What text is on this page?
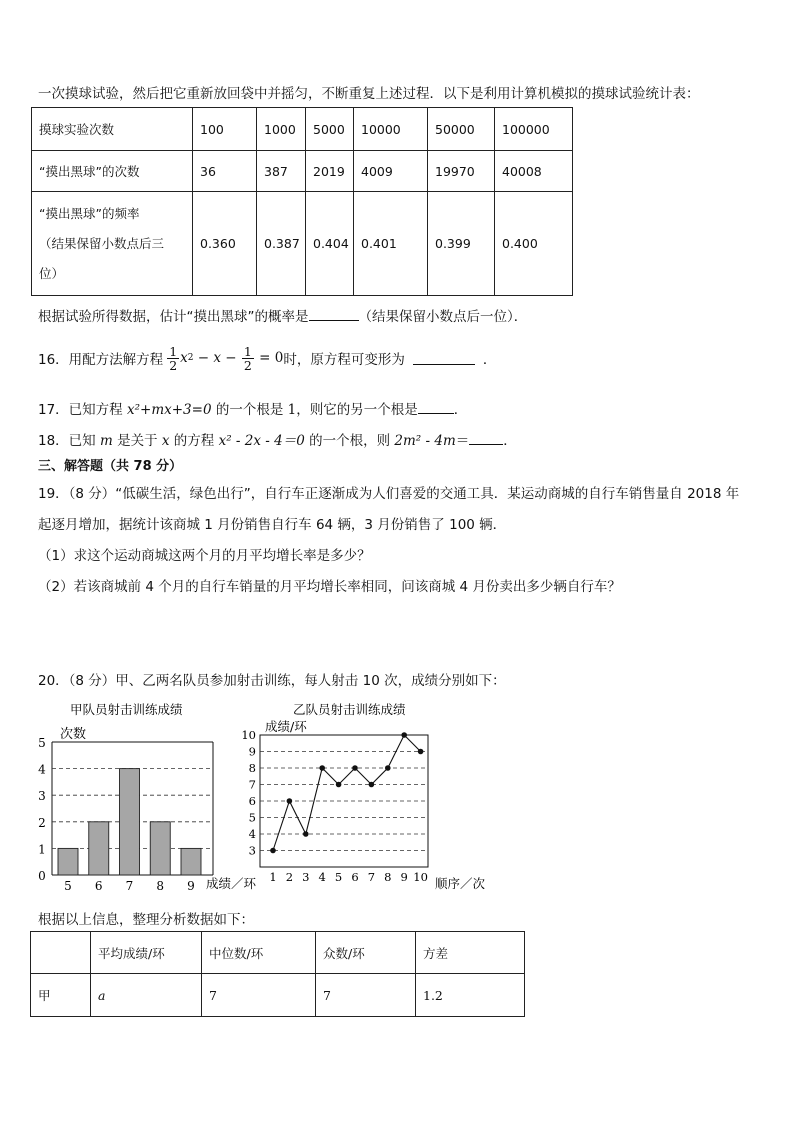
一次摸球试验，然后把它重新放回袋中并摇匀，不断重复上述过程．以下是利用计算机模拟的摸球试验统计表：
摸球实验次数	100	1000	5000	10000	50000	100000
“摸出黑球”的次数	36	387	2019	4009	19970	40008

“摸出黑球”的频率
（结果保留小数点后三
位）	0.360	0.387	0.404	0.401	0.399	0.400
根据试验所得数据，估计“摸出黑球”的概率是	（结果保留小数点后一位）．
16．用配方法解方程 $\frac{1}{2}$ x $2 - x - \frac{1}{2} = 0$ 时，原方程可变形为	．
17．已知方程 x²+mx+3=0 的一个根是 1，则它的另一个根是	．
18．已知 m 是关于 x 的方程 x² - 2x - 4＝0 的一个根，则 2m² - 4m＝	．
三、解答题（共 78 分）
19．（8 分）“低碳生活，绿色出行”，自行车正逐渐成为人们喜爱的交通工具．某运动商城的自行车销售量自 2018 年
起逐月增加，据统计该商城 1 月份销售自行车 64 辆，3 月份销售了 100 辆．
（1）求这个运动商城这两个月的月平均增长率是多少？
（2）若该商城前 4 个月的自行车销量的月平均增长率相同，问该商城 4 月份卖出多少辆自行车？
20．（8 分）甲、乙两名队员参加射击训练，每人射击 10 次，成绩分别如下：
甲队员射击训练成绩
次数
0
1
2
3
4
5
5 6 7 8 9 成绩／环
乙队员射击训练成绩
成绩/环
3
4
5
6
7
8
9
10
1 2 3 4 5 6 7 8 9 10 顺序／次
根据以上信息，整理分析数据如下：
	平均成绩/环	中位数/环	众数/环	方差
甲	a	7	7	1.2
